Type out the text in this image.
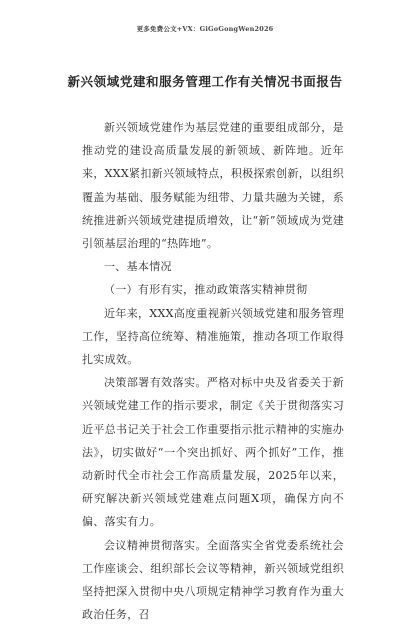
更多免费公文+VX：GiGoGongWen2026
新兴领域党建和服务管理工作有关情况书面报告

新兴领域党建作为基层党建的重要组成部分，是推动党的建设高质量发展的新领域、新阵地。近年来，XXX紧扣新兴领域特点，积极探索创新，以组织覆盖为基础、服务赋能为纽带、力量共融为关键，系统推进新兴领域党建提质增效，让“新”领域成为党建引领基层治理的“热阵地”。

一、基本情况

（一）有形有实，推动政策落实精神贯彻

近年来，XXX高度重视新兴领域党建和服务管理工作，坚持高位统筹、精准施策，推动各项工作取得扎实成效。

决策部署有效落实。严格对标中央及省委关于新兴领域党建工作的指示要求，制定《关于贯彻落实习近平总书记关于社会工作重要指示批示精神的实施办法》，切实做好“一个突出抓好、两个抓好”工作，推动新时代全市社会工作高质量发展，2025年以来，研究解决新兴领域党建难点问题X项，确保方向不偏、落实有力。

会议精神贯彻落实。全面落实全省党委系统社会工作座谈会、组织部长会议等精神，新兴领域党组织坚持把深入贯彻中央八项规定精神学习教育作为重大政治任务，召
